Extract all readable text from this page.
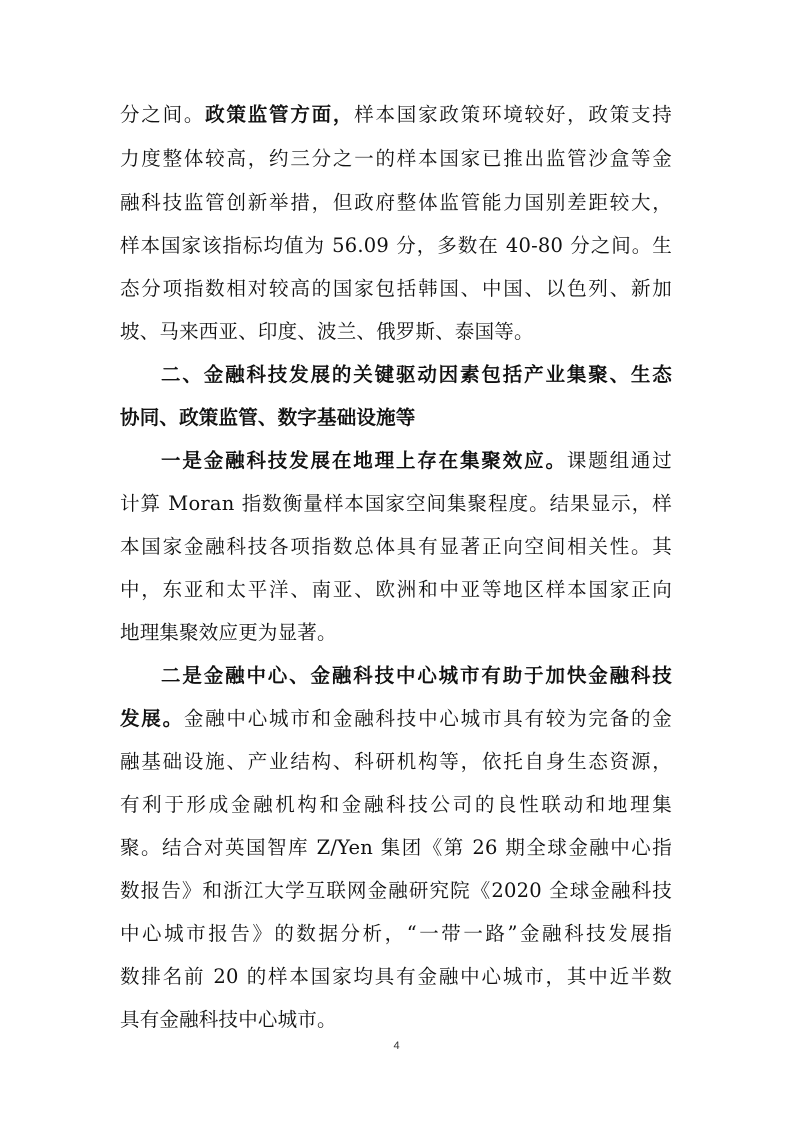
分之间。政策监管方面，样本国家政策环境较好，政策支持
力度整体较高，约三分之一的样本国家已推出监管沙盒等金
融科技监管创新举措，但政府整体监管能力国别差距较大，
样本国家该指标均值为 56.09 分，多数在 40-80 分之间。生
态分项指数相对较高的国家包括韩国、中国、以色列、新加
坡、马来西亚、印度、波兰、俄罗斯、泰国等。
二、金融科技发展的关键驱动因素包括产业集聚、生态
协同、政策监管、数字基础设施等
一是金融科技发展在地理上存在集聚效应。课题组通过
计算 Moran 指数衡量样本国家空间集聚程度。结果显示，样
本国家金融科技各项指数总体具有显著正向空间相关性。其
中，东亚和太平洋、南亚、欧洲和中亚等地区样本国家正向
地理集聚效应更为显著。
二是金融中心、金融科技中心城市有助于加快金融科技
发展。金融中心城市和金融科技中心城市具有较为完备的金
融基础设施、产业结构、科研机构等，依托自身生态资源，
有利于形成金融机构和金融科技公司的良性联动和地理集
聚。结合对英国智库 Z/Yen 集团《第 26 期全球金融中心指
数报告》和浙江大学互联网金融研究院《2020 全球金融科技
中心城市报告》的数据分析，“一带一路”金融科技发展指
数排名前 20 的样本国家均具有金融中心城市，其中近半数
具有金融科技中心城市。
4
